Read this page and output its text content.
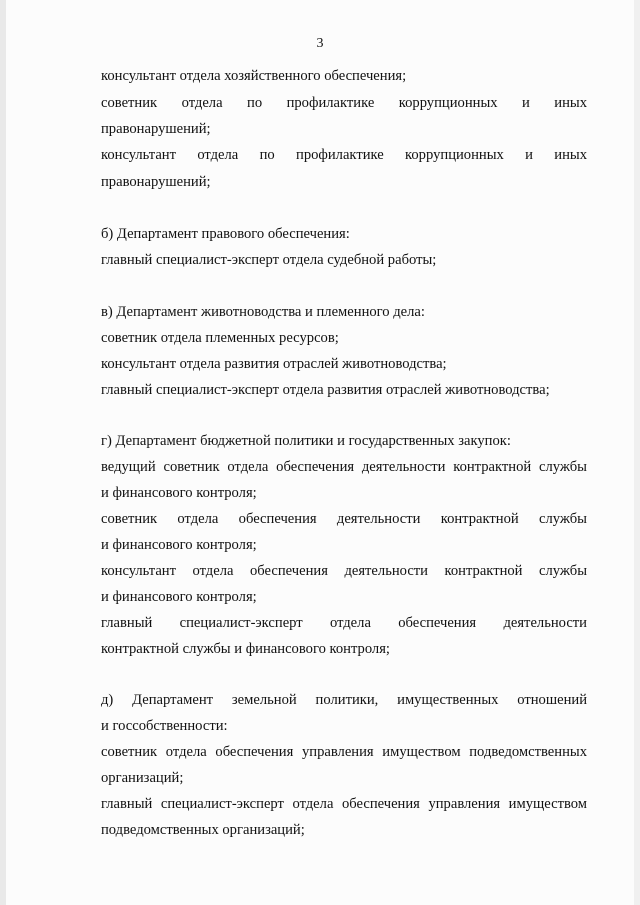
3
консультант отдела хозяйственного обеспечения;
советник отдела по профилактике коррупционных и иных
правонарушений;
консультант отдела по профилактике коррупционных и иных
правонарушений;
б) Департамент правового обеспечения:
главный специалист-эксперт отдела судебной работы;
в) Департамент животноводства и племенного дела:
советник отдела племенных ресурсов;
консультант отдела развития отраслей животноводства;
главный специалист-эксперт отдела развития отраслей животноводства;
г) Департамент бюджетной политики и государственных закупок:
ведущий советник отдела обеспечения деятельности контрактной службы
и финансового контроля;
советник отдела обеспечения деятельности контрактной службы
и финансового контроля;
консультант отдела обеспечения деятельности контрактной службы
и финансового контроля;
главный специалист-эксперт отдела обеспечения деятельности
контрактной службы и финансового контроля;
д) Департамент земельной политики, имущественных отношений
и госсобственности:
советник отдела обеспечения управления имуществом подведомственных
организаций;
главный специалист-эксперт отдела обеспечения управления имуществом
подведомственных организаций;
